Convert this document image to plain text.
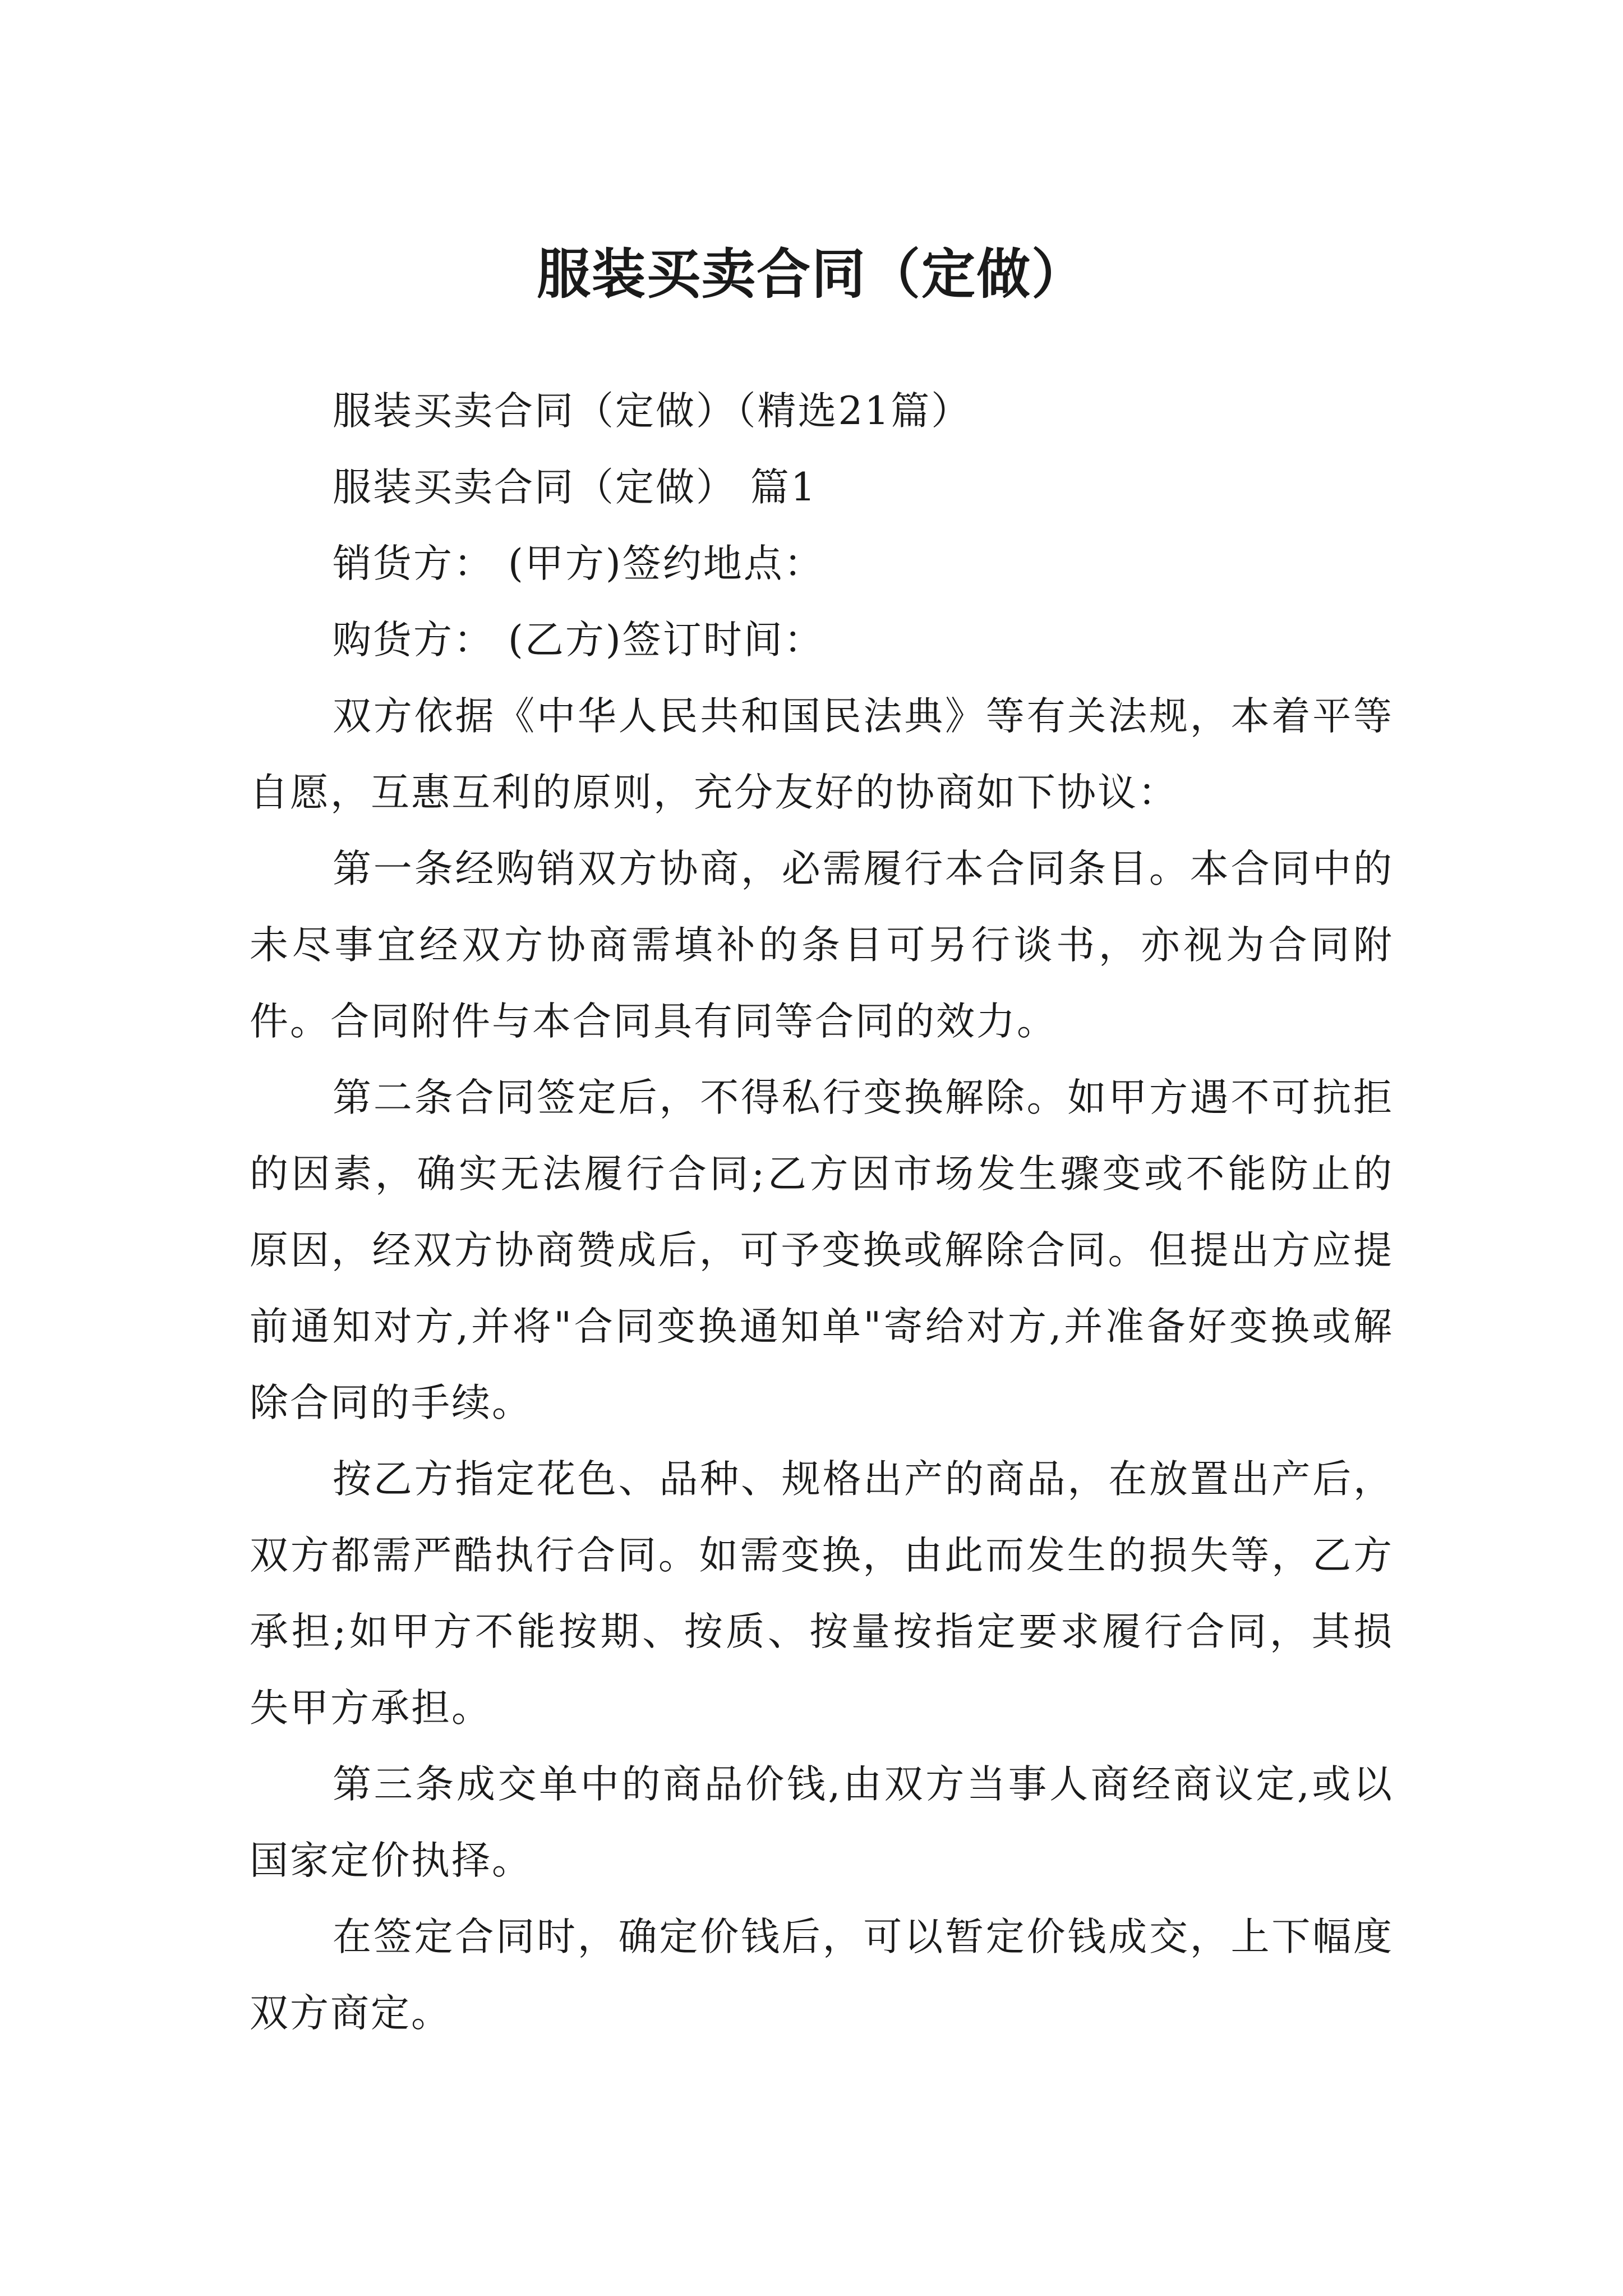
服装买卖合同（定做）

服装买卖合同（定做）（精选21篇）

服装买卖合同（定做） 篇1

销货方： (甲方)签约地点：

购货方： (乙方)签订时间：

双方依据《中华人民共和国民法典》等有关法规，本着平等自愿，互惠互利的原则，充分友好的协商如下协议：

第一条经购销双方协商，必需履行本合同条目。本合同中的未尽事宜经双方协商需填补的条目可另行谈书，亦视为合同附件。合同附件与本合同具有同等合同的效力。

第二条合同签定后，不得私行变换解除。如甲方遇不可抗拒的因素，确实无法履行合同;乙方因市场发生骤变或不能防止的原因，经双方协商赞成后，可予变换或解除合同。但提出方应提前通知对方,并将"合同变换通知单"寄给对方,并准备好变换或解除合同的手续。

按乙方指定花色、品种、规格出产的商品，在放置出产后，双方都需严酷执行合同。如需变换，由此而发生的损失等，乙方承担;如甲方不能按期、按质、按量按指定要求履行合同，其损失甲方承担。

第三条成交单中的商品价钱,由双方当事人商经商议定,或以国家定价执择。

在签定合同时，确定价钱后，可以暂定价钱成交，上下幅度双方商定。
